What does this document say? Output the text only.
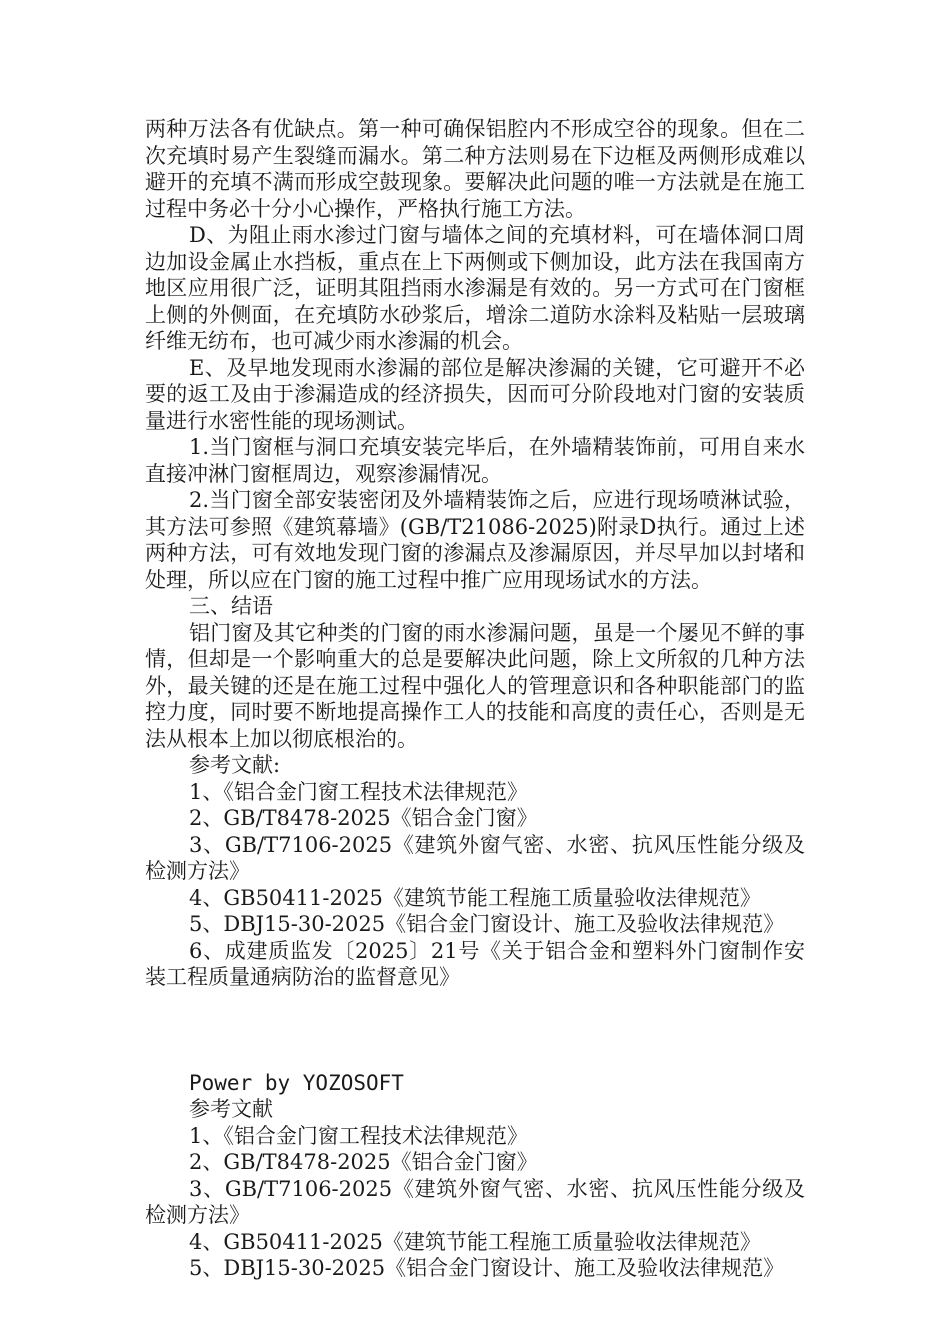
两种万法各有优缺点。第一种可确保铝腔内不形成空谷的现象。但在二次充填时易产生裂缝而漏水。第二种方法则易在下边框及两侧形成难以避开的充填不满而形成空鼓现象。要解决此问题的唯一方法就是在施工过程中务必十分小心操作，严格执行施工方法。

D、为阻止雨水渗过门窗与墙体之间的充填材料，可在墙体洞口周边加设金属止水挡板，重点在上下两侧或下侧加设，此方法在我国南方地区应用很广泛，证明其阻挡雨水渗漏是有效的。另一方式可在门窗框上侧的外侧面，在充填防水砂浆后，增涂二道防水涂料及粘贴一层玻璃纤维无纺布，也可减少雨水渗漏的机会。

E、及早地发现雨水渗漏的部位是解决渗漏的关键，它可避开不必要的返工及由于渗漏造成的经济损失，因而可分阶段地对门窗的安装质量进行水密性能的现场测试。

1.当门窗框与洞口充填安装完毕后，在外墙精装饰前，可用自来水直接冲淋门窗框周边，观察渗漏情况。

2.当门窗全部安装密闭及外墙精装饰之后，应进行现场喷淋试验，其方法可参照《建筑幕墙》(GB/T21086-2025)附录D执行。通过上述两种方法，可有效地发现门窗的渗漏点及渗漏原因，并尽早加以封堵和处理，所以应在门窗的施工过程中推广应用现场试水的方法。

三、结语

铝门窗及其它种类的门窗的雨水渗漏问题，虽是一个屡见不鲜的事情，但却是一个影响重大的总是要解决此问题，除上文所叙的几种方法外，最关键的还是在施工过程中强化人的管理意识和各种职能部门的监控力度，同时要不断地提高操作工人的技能和高度的责任心，否则是无法从根本上加以彻底根治的。

参考文献:

1、《铝合金门窗工程技术法律规范》

2、GB/T8478-2025《铝合金门窗》

3、GB/T7106-2025《建筑外窗气密、水密、抗风压性能分级及检测方法》

4、GB50411-2025《建筑节能工程施工质量验收法律规范》

5、DBJ15-30-2025《铝合金门窗设计、施工及验收法律规范》

6、成建质监发〔2025〕21号《关于铝合金和塑料外门窗制作安装工程质量通病防治的监督意见》

Power by YOZOSOFT

参考文献

1、《铝合金门窗工程技术法律规范》

2、GB/T8478-2025《铝合金门窗》

3、GB/T7106-2025《建筑外窗气密、水密、抗风压性能分级及检测方法》

4、GB50411-2025《建筑节能工程施工质量验收法律规范》

5、DBJ15-30-2025《铝合金门窗设计、施工及验收法律规范》
